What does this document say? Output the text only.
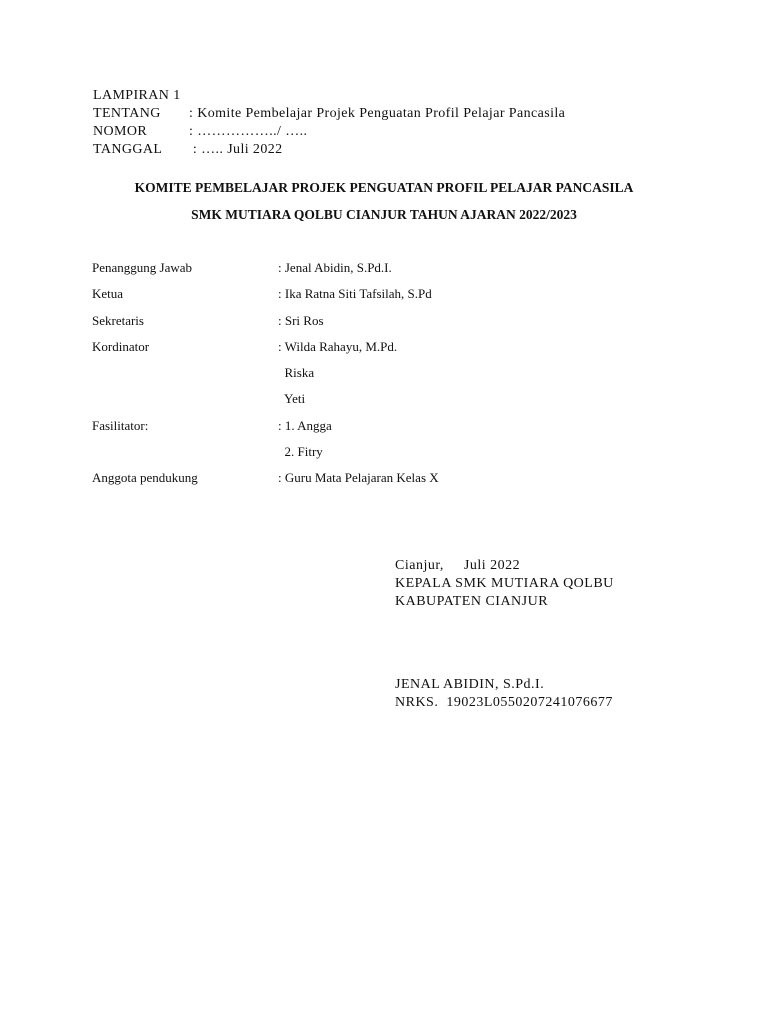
LAMPIRAN 1
TENTANG	: Komite Pembelajar Projek Penguatan Profil Pelajar Pancasila
NOMOR	: ……………../ …..
TANGGAL	: ….. Juli 2022
KOMITE PEMBELAJAR PROJEK PENGUATAN PROFIL PELAJAR PANCASILA
SMK MUTIARA QOLBU CIANJUR TAHUN AJARAN 2022/2023
Penanggung Jawab	: Jenal Abidin, S.Pd.I.
Ketua	: Ika Ratna Siti Tafsilah, S.Pd
Sekretaris	: Sri Ros
Kordinator	: Wilda Rahayu, M.Pd.
Riska
Yeti
Fasilitator:	: 1. Angga
2. Fitry
Anggota pendukung	: Guru Mata Pelajaran Kelas X
Cianjur,     Juli 2022
KEPALA SMK MUTIARA QOLBU
KABUPATEN CIANJUR
JENAL ABIDIN, S.Pd.I.
NRKS.  19023L0550207241076677
